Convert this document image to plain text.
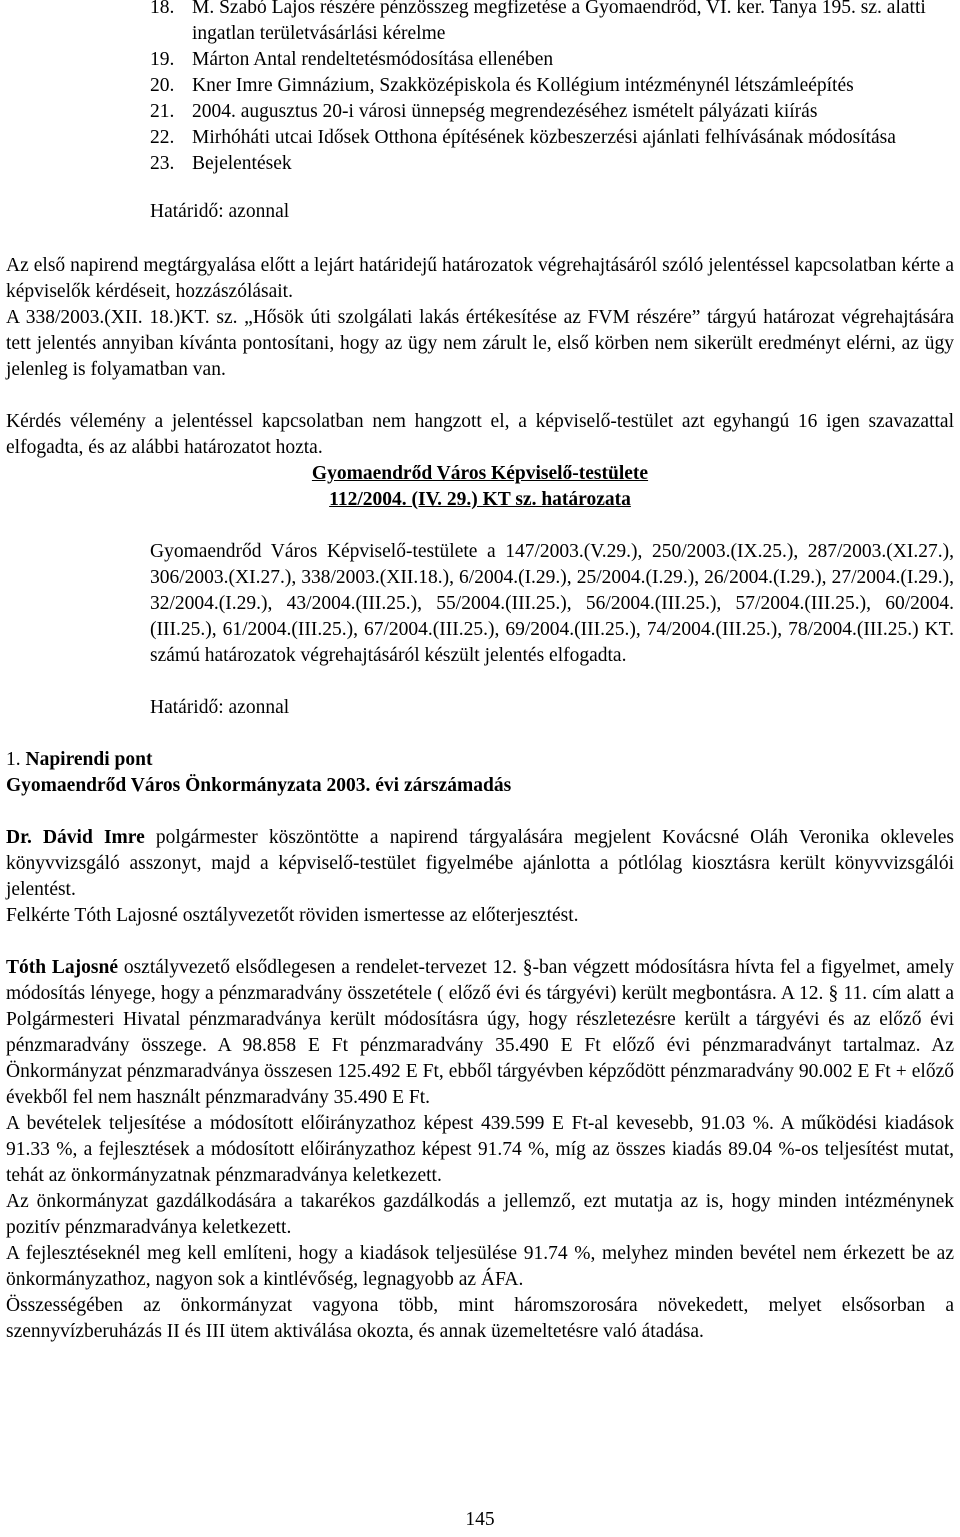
18. M. Szabó Lajos részére pénzösszeg megfizetése a Gyomaendrőd, VI. ker. Tanya 195. sz. alatti ingatlan területvásárlási kérelme
19. Márton Antal rendeltetésmódosítása ellenében
20. Kner Imre Gimnázium, Szakközépiskola és Kollégium intézménynél létszámleépítés
21. 2004. augusztus 20-i városi ünnepség megrendezéséhez ismételt pályázati kiírás
22. Mirhóháti utcai Idősek Otthona építésének közbeszerzési ajánlati felhívásának módosítása
23. Bejelentések
Határidő: azonnal

Az első napirend megtárgyalása előtt a lejárt határidejű határozatok végrehajtásáról szóló jelentéssel kapcsolatban kérte a képviselők kérdéseit, hozzászólásait.

A 338/2003.(XII. 18.)KT. sz. „Hősök úti szolgálati lakás értékesítése az FVM részére” tárgyú határozat végrehajtására tett jelentés annyiban kívánta pontosítani, hogy az ügy nem zárult le, első körben nem sikerült eredményt elérni, az ügy jelenleg is folyamatban van.

Kérdés vélemény a jelentéssel kapcsolatban nem hangzott el, a képviselő-testület azt egyhangú 16 igen szavazattal elfogadta, és az alábbi határozatot hozta.

Gyomaendrőd Város Képviselő-testülete
112/2004. (IV. 29.) KT sz. határozata

Gyomaendrőd Város Képviselő-testülete a 147/2003.(V.29.), 250/2003.(IX.25.), 287/2003.(XI.27.), 306/2003.(XI.27.), 338/2003.(XII.18.), 6/2004.(I.29.), 25/2004.(I.29.), 26/2004.(I.29.), 27/2004.(I.29.), 32/2004.(I.29.), 43/2004.(III.25.), 55/2004.(III.25.), 56/2004.(III.25.), 57/2004.(III.25.), 60/2004.(III.25.), 61/2004.(III.25.), 67/2004.(III.25.), 69/2004.(III.25.), 74/2004.(III.25.), 78/2004.(III.25.) KT. számú határozatok végrehajtásáról készült jelentés elfogadta.

Határidő: azonnal
1. Napirendi pont
Gyomaendrőd Város Önkormányzata 2003. évi zárszámadás

Dr. Dávid Imre polgármester köszöntötte a napirend tárgyalására megjelent Kovácsné Oláh Veronika okleveles könyvvizsgáló asszonyt, majd a képviselő-testület figyelmébe ajánlotta a pótlólag kiosztásra került könyvvizsgálói jelentést.

Felkérte Tóth Lajosné osztályvezetőt röviden ismertesse az előterjesztést.

Tóth Lajosné osztályvezető elsődlegesen a rendelet-tervezet 12. §-ban végzett módosításra hívta fel a figyelmet, amely módosítás lényege, hogy a pénzmaradvány összetétele ( előző évi és tárgyévi) került megbontásra. A 12. § 11. cím alatt a Polgármesteri Hivatal pénzmaradványa került módosításra úgy, hogy részletezésre került a tárgyévi és az előző évi pénzmaradvány összege. A 98.858 E Ft pénzmaradvány 35.490 E Ft előző évi pénzmaradványt tartalmaz. Az Önkormányzat pénzmaradványa összesen 125.492 E Ft, ebből tárgyévben képződött pénzmaradvány 90.002 E Ft + előző évekből fel nem használt pénzmaradvány 35.490 E Ft.

A bevételek teljesítése a módosított előirányzathoz képest 439.599 E Ft-al kevesebb, 91.03 %. A működési kiadások 91.33 %, a fejlesztések a módosított előirányzathoz képest 91.74 %, míg az összes kiadás 89.04 %-os teljesítést mutat, tehát az önkormányzatnak pénzmaradványa keletkezett.

Az önkormányzat gazdálkodására a takarékos gazdálkodás a jellemző, ezt mutatja az is, hogy minden intézménynek pozitív pénzmaradványa keletkezett.

A fejlesztéseknél meg kell említeni, hogy a kiadások teljesülése 91.74 %, melyhez minden bevétel nem érkezett be az önkormányzathoz, nagyon sok a kintlévőség, legnagyobb az ÁFA.

Összességében az önkormányzat vagyona több, mint háromszorosára növekedett, melyet elsősorban a szennyvízberuházás II és III ütem aktiválása okozta, és annak üzemeltetésre való átadása.

145
